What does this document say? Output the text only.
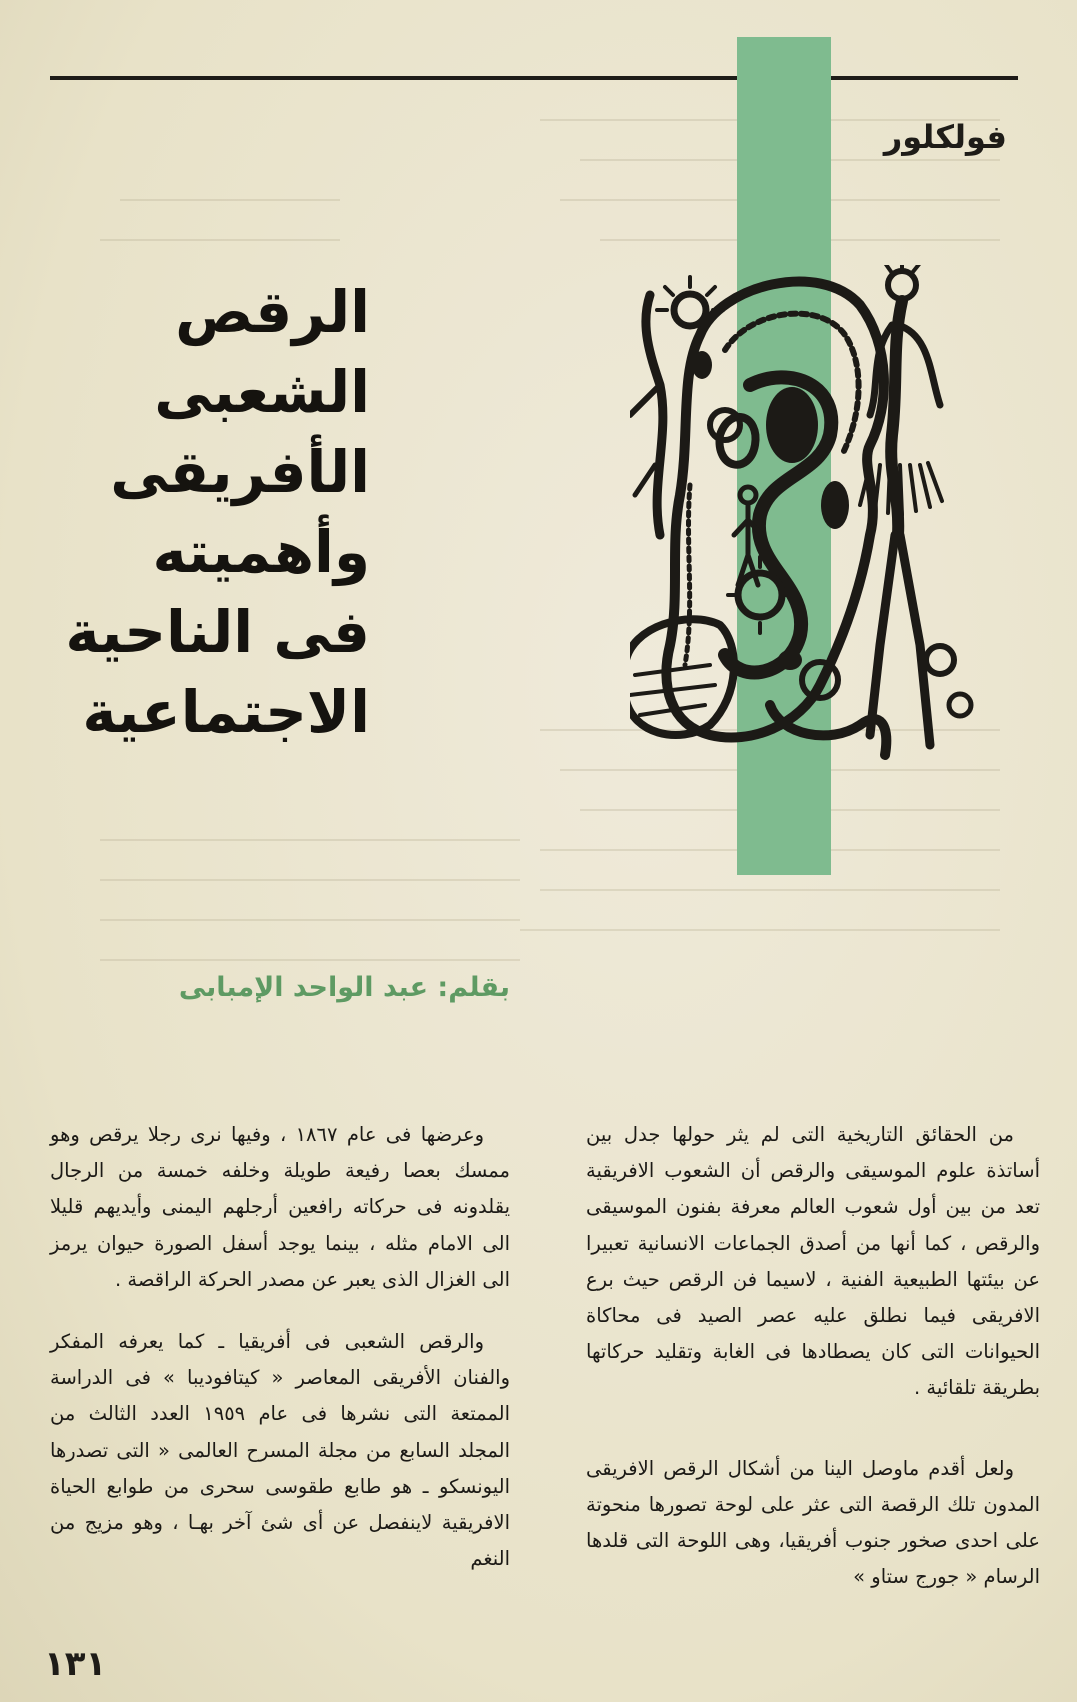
فولكلور
الرقص
الشعبى
الأفريقى
وأهميته
فى الناحية
الاجتماعية
بقلم: عبد الواحد الإمبابى

من الحقائق التاريخية التى لم يثر حولها جدل بين أساتذة علوم الموسيقى والرقص أن الشعوب الافريقية تعد من بين أول شعوب العالم معرفة بفنون الموسيقى والرقص ، كما أنها من أصدق الجماعات الانسانية تعبيرا عن بيئتها الطبيعية الفنية ، لاسيما فن الرقص حيث برع الافريقى فيما نطلق عليه عصر الصيد فى محاكاة الحيوانات التى كان يصطادها فى الغابة وتقليد حركاتها بطريقة تلقائية .

ولعل أقدم ماوصل الينا من أشكال الرقص الافريقى المدون تلك الرقصة التى عثر على لوحة تصورها منحوتة على احدى صخور جنوب أفريقيا، وهى اللوحة التى قلدها الرسام « جورج ستاو »

وعرضها فى عام ١٨٦٧ ، وفيها نرى رجلا يرقص وهو ممسك بعصا رفيعة طويلة وخلفه خمسة من الرجال يقلدونه فى حركاته رافعين أرجلهم اليمنى وأيديهم قليلا الى الامام مثله ، بينما يوجد أسفل الصورة حيوان يرمز الى الغزال الذى يعبر عن مصدر الحركة الراقصة .

والرقص الشعبى فى أفريقيا ـ كما يعرفه المفكر والفنان الأفريقى المعاصر « كيتافوديبا » فى الدراسة الممتعة التى نشرها فى عام ١٩٥٩ العدد الثالث من المجلد السابع من مجلة المسرح العالمى « التى تصدرها اليونسكو ـ هو طابع طقوسى سحرى من طوابع الحياة الافريقية لاينفصل عن أى شئ آخر بهـا ، وهو مزيج من النغم

١٣١
